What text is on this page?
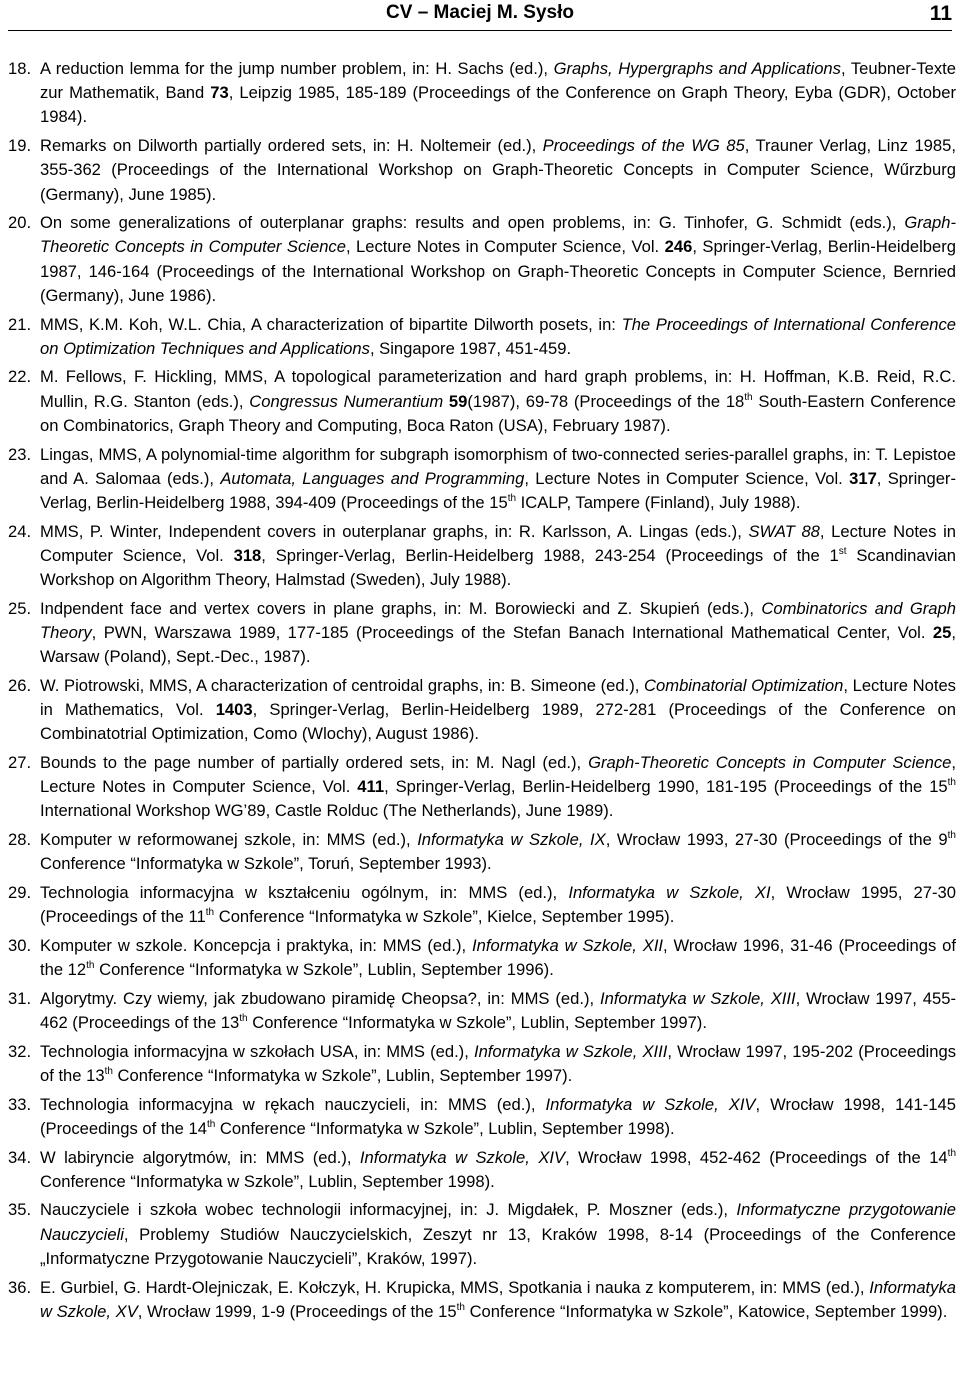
CV – Maciej M. Sysło	11
18. A reduction lemma for the jump number problem, in: H. Sachs (ed.), Graphs, Hypergraphs and Applications, Teubner-Texte zur Mathematik, Band 73, Leipzig 1985, 185-189 (Proceedings of the Conference on Graph Theory, Eyba (GDR), October 1984).
19. Remarks on Dilworth partially ordered sets, in: H. Noltemeir (ed.), Proceedings of the WG 85, Trauner Verlag, Linz 1985, 355-362 (Proceedings of the International Workshop on Graph-Theoretic Concepts in Computer Science, Wűrzburg (Germany), June 1985).
20. On some generalizations of outerplanar graphs: results and open problems, in: G. Tinhofer, G. Schmidt (eds.), Graph-Theoretic Concepts in Computer Science, Lecture Notes in Computer Science, Vol. 246, Springer-Verlag, Berlin-Heidelberg 1987, 146-164 (Proceedings of the International Workshop on Graph-Theoretic Concepts in Computer Science, Bernried (Germany), June 1986).
21. MMS, K.M. Koh, W.L. Chia, A characterization of bipartite Dilworth posets, in: The Proceedings of International Conference on Optimization Techniques and Applications, Singapore 1987, 451-459.
22. M. Fellows, F. Hickling, MMS, A topological parameterization and hard graph problems, in: H. Hoffman, K.B. Reid, R.C. Mullin, R.G. Stanton (eds.), Congressus Numerantium 59(1987), 69-78 (Proceedings of the 18th South-Eastern Conference on Combinatorics, Graph Theory and Computing, Boca Raton (USA), February 1987).
23. Lingas, MMS, A polynomial-time algorithm for subgraph isomorphism of two-connected series-parallel graphs, in: T. Lepistoe and A. Salomaa (eds.), Automata, Languages and Programming, Lecture Notes in Computer Science, Vol. 317, Springer-Verlag, Berlin-Heidelberg 1988, 394-409 (Proceedings of the 15th ICALP, Tampere (Finland), July 1988).
24. MMS, P. Winter, Independent covers in outerplanar graphs, in: R. Karlsson, A. Lingas (eds.), SWAT 88, Lecture Notes in Computer Science, Vol. 318, Springer-Verlag, Berlin-Heidelberg 1988, 243-254 (Proceedings of the 1st Scandinavian Workshop on Algorithm Theory, Halmstad (Sweden), July 1988).
25. Indpendent face and vertex covers in plane graphs, in: M. Borowiecki and Z. Skupień (eds.), Combinatorics and Graph Theory, PWN, Warszawa 1989, 177-185 (Proceedings of the Stefan Banach International Mathematical Center, Vol. 25, Warsaw (Poland), Sept.-Dec., 1987).
26. W. Piotrowski, MMS, A characterization of centroidal graphs, in: B. Simeone (ed.), Combinatorial Optimization, Lecture Notes in Mathematics, Vol. 1403, Springer-Verlag, Berlin-Heidelberg 1989, 272-281 (Proceedings of the Conference on Combinatotrial Optimization, Como (Wlochy), August 1986).
27. Bounds to the page number of partially ordered sets, in: M. Nagl (ed.), Graph-Theoretic Concepts in Computer Science, Lecture Notes in Computer Science, Vol. 411, Springer-Verlag, Berlin-Heidelberg 1990, 181-195 (Proceedings of the 15th International Workshop WG’89, Castle Rolduc (The Netherlands), June 1989).
28. Komputer w reformowanej szkole, in: MMS (ed.), Informatyka w Szkole, IX, Wrocław 1993, 27-30 (Proceedings of the 9th Conference “Informatyka w Szkole”, Toruń, September 1993).
29. Technologia informacyjna w kształceniu ogólnym, in: MMS (ed.), Informatyka w Szkole, XI, Wrocław 1995, 27-30 (Proceedings of the 11th Conference “Informatyka w Szkole”, Kielce, September 1995).
30. Komputer w szkole. Koncepcja i praktyka, in: MMS (ed.), Informatyka w Szkole, XII, Wrocław 1996, 31-46 (Proceedings of the 12th Conference “Informatyka w Szkole”, Lublin, September 1996).
31. Algorytmy. Czy wiemy, jak zbudowano piramidę Cheopsa?, in: MMS (ed.), Informatyka w Szkole, XIII, Wrocław 1997, 455-462 (Proceedings of the 13th Conference “Informatyka w Szkole”, Lublin, September 1997).
32. Technologia informacyjna w szkołach USA, in: MMS (ed.), Informatyka w Szkole, XIII, Wrocław 1997, 195-202 (Proceedings of the 13th Conference “Informatyka w Szkole”, Lublin, September 1997).
33. Technologia informacyjna w rękach nauczycieli, in: MMS (ed.), Informatyka w Szkole, XIV, Wrocław 1998, 141-145 (Proceedings of the 14th Conference “Informatyka w Szkole”, Lublin, September 1998).
34. W labiryncie algorytmów, in: MMS (ed.), Informatyka w Szkole, XIV, Wrocław 1998, 452-462 (Proceedings of the 14th Conference “Informatyka w Szkole”, Lublin, September 1998).
35. Nauczyciele i szkoła wobec technologii informacyjnej, in: J. Migdałek, P. Moszner (eds.), Informatyczne przygotowanie Nauczycieli, Problemy Studiów Nauczycielskich, Zeszyt nr 13, Kraków 1998, 8-14 (Proceedings of the Conference „Informatyczne Przygotowanie Nauczycieli”, Kraków, 1997).
36. E. Gurbiel, G. Hardt-Olejniczak, E. Kołczyk, H. Krupicka, MMS, Spotkania i nauka z komputerem, in: MMS (ed.), Informatyka w Szkole, XV, Wrocław 1999, 1-9 (Proceedings of the 15th Conference “Informatyka w Szkole”, Katowice, September 1999).
